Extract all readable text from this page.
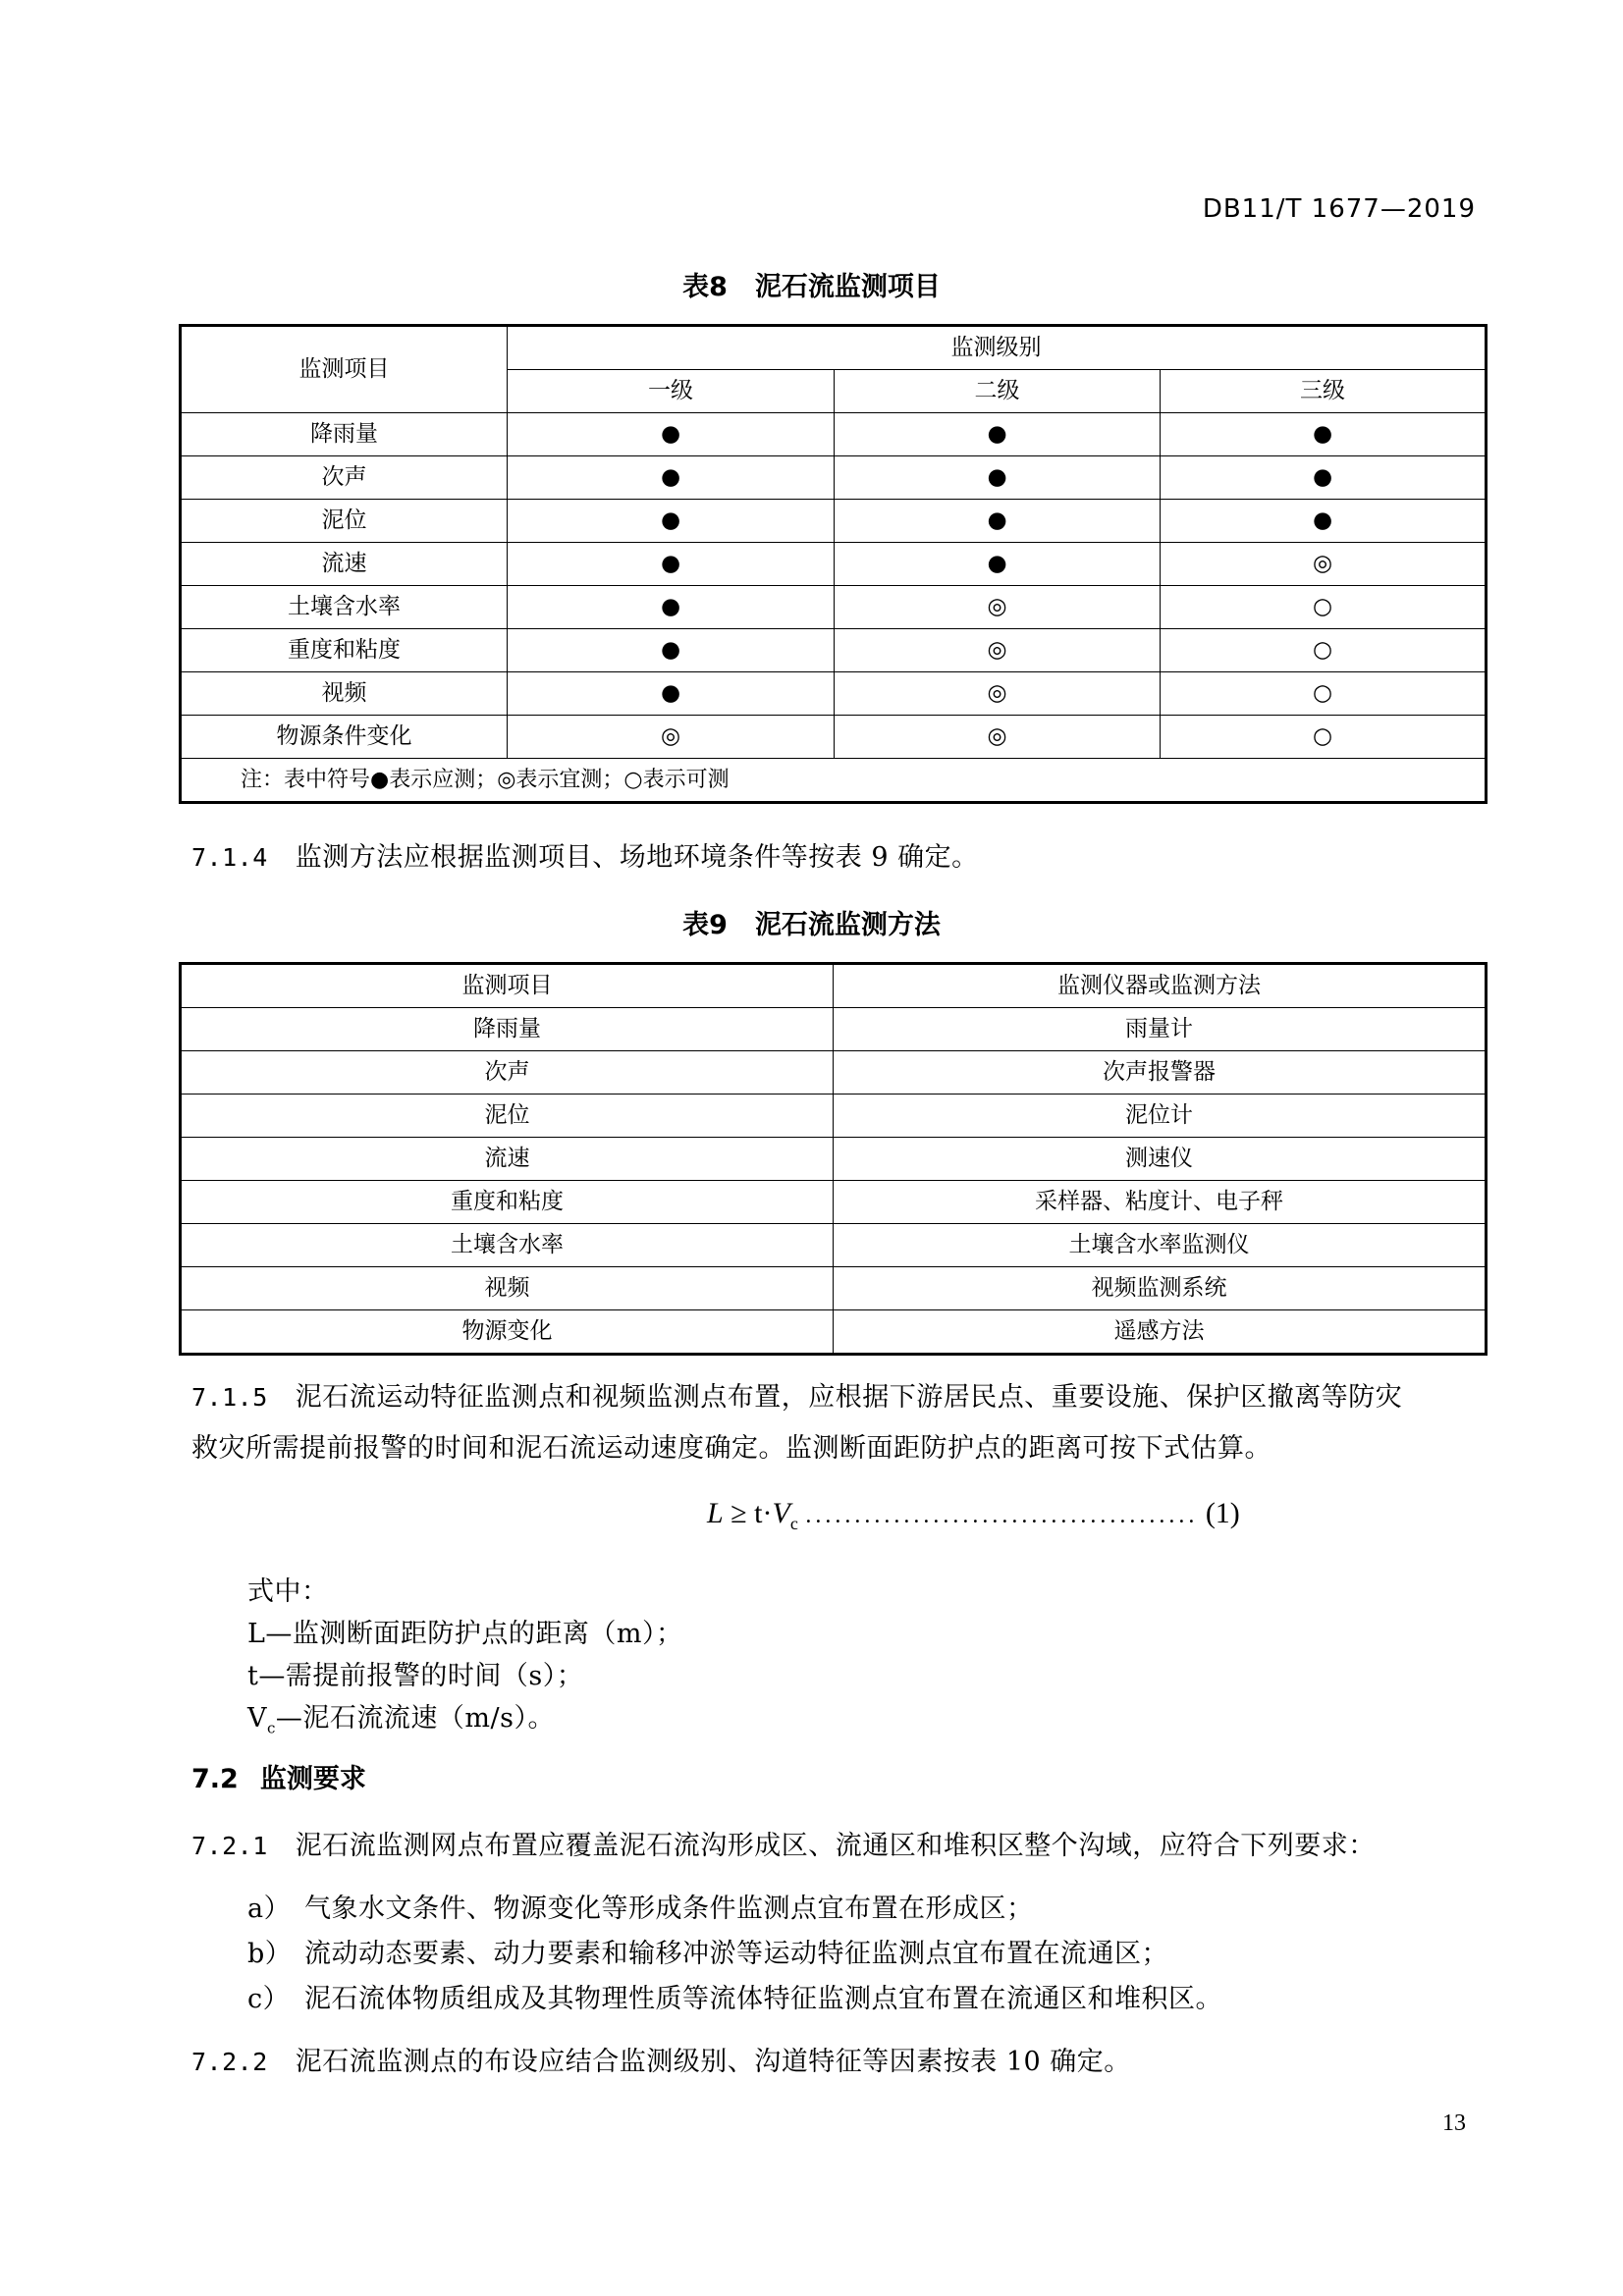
DB11/T 1677—2019
表8 泥石流监测项目
监测项目	监测级别		
	一级	二级	三级
降雨量	●	●	●
次声	●	●	●
泥位	●	●	●
流速	●	●	◎
土壤含水率	●	◎	○
重度和粘度	●	◎	○
视频	●	◎	○
物源条件变化	◎	◎	○
注：表中符号●表示应测；◎表示宜测；○表示可测			
7.1.4 监测方法应根据监测项目、场地环境条件等按表 9 确定。
表9 泥石流监测方法
监测项目	监测仪器或监测方法
降雨量	雨量计
次声	次声报警器
泥位	泥位计
流速	测速仪
重度和粘度	采样器、粘度计、电子秤
土壤含水率	土壤含水率监测仪
视频	视频监测系统
物源变化	遥感方法
7.1.5 泥石流运动特征监测点和视频监测点布置，应根据下游居民点、重要设施、保护区撤离等防灾
救灾所需提前报警的时间和泥石流运动速度确定。监测断面距防护点的距离可按下式估算。
$L \ge t\cdot V_c$ ........................................ (1)
式中：
L—监测断面距防护点的距离（m）；
t—需提前报警的时间（s）；
$V_c—$泥石流流速（m/s）。
7.2 监测要求
7.2.1 泥石流监测网点布置应覆盖泥石流沟形成区、流通区和堆积区整个沟域，应符合下列要求：
a） 气象水文条件、物源变化等形成条件监测点宜布置在形成区；
b） 流动动态要素、动力要素和输移冲淤等运动特征监测点宜布置在流通区；
c） 泥石流体物质组成及其物理性质等流体特征监测点宜布置在流通区和堆积区。
7.2.2 泥石流监测点的布设应结合监测级别、沟道特征等因素按表 10 确定。
13
